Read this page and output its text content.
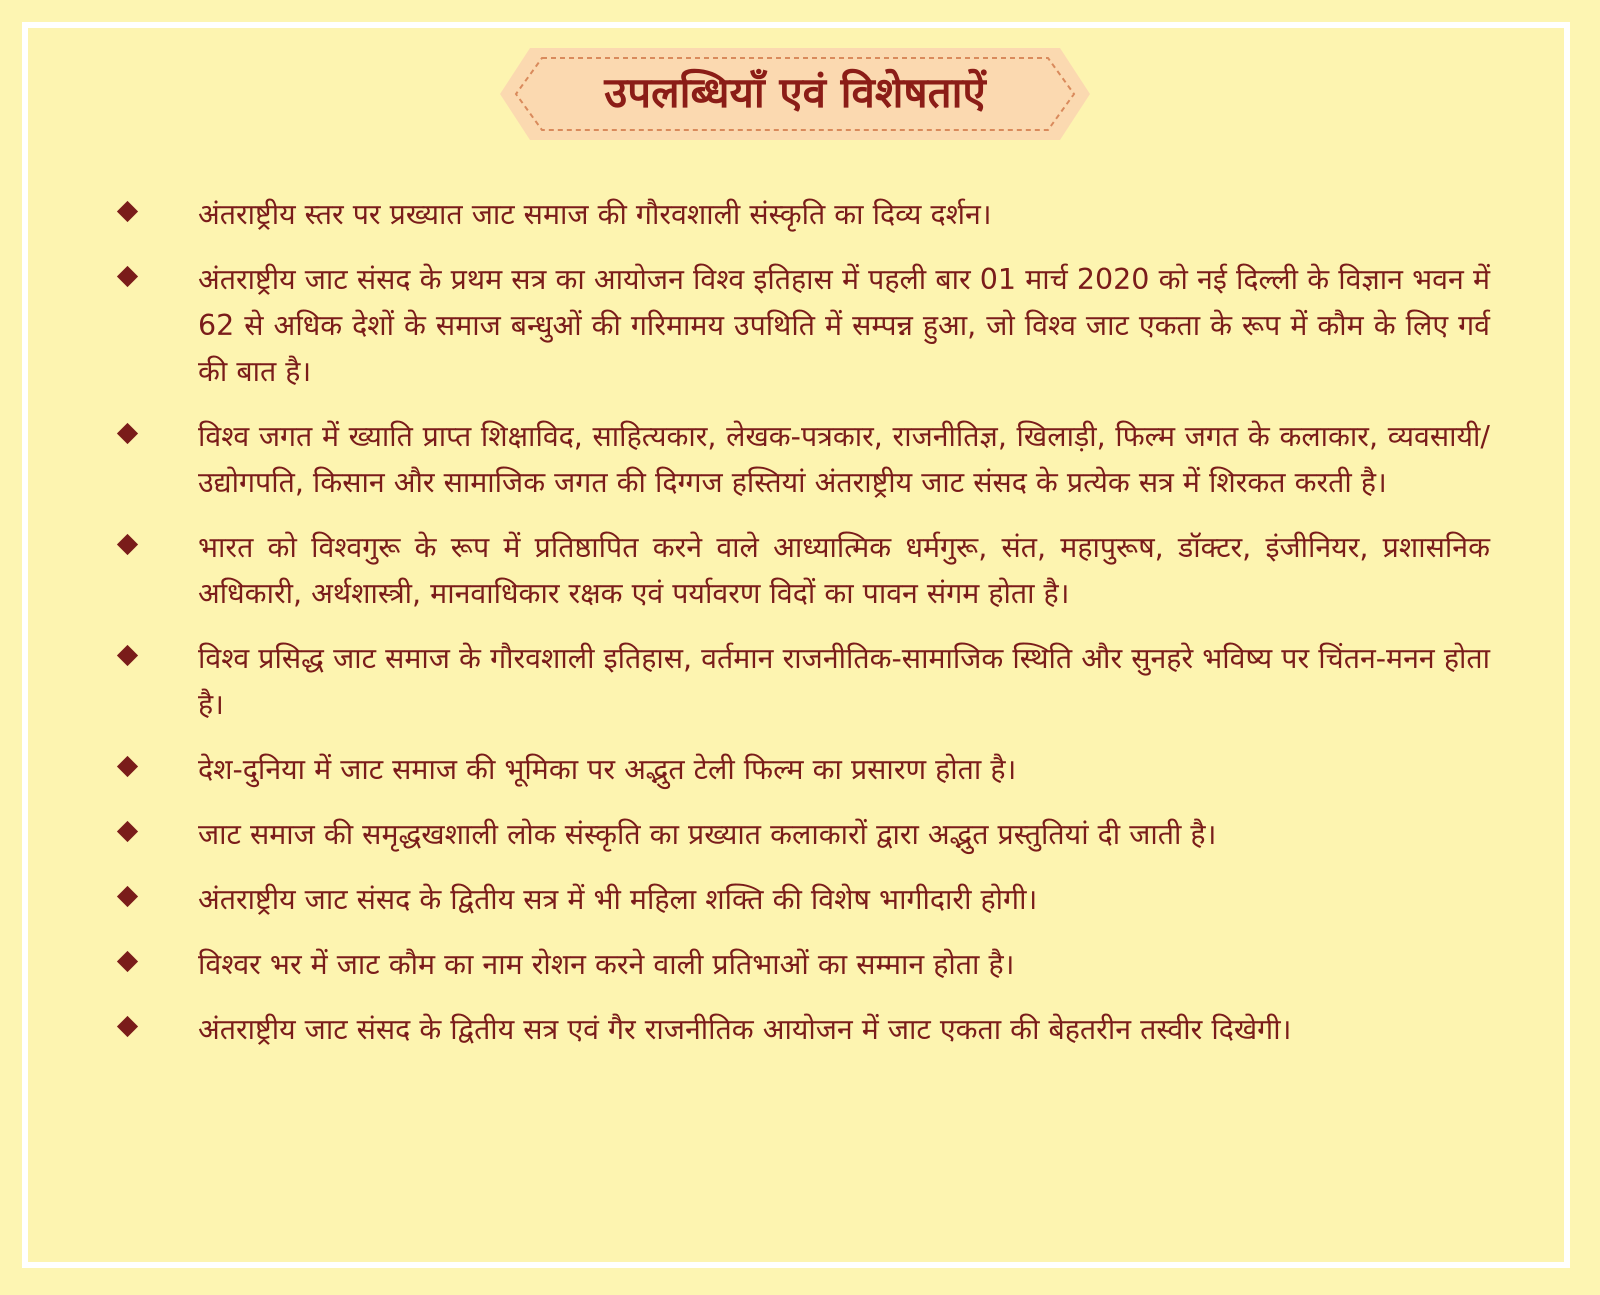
उपलब्धियाँ एवं विशेषताऐं
अंतराष्ट्रीय स्तर पर प्रख्यात जाट समाज की गौरवशाली संस्कृति का दिव्य दर्शन।
अंतराष्ट्रीय जाट संसद के प्रथम सत्र का आयोजन विश्व इतिहास में पहली बार 01 मार्च 2020 को नई दिल्ली के विज्ञान भवन में 62 से अधिक देशों के समाज बन्धुओं की गरिमामय उपथिति में सम्पन्न हुआ, जो विश्व जाट एकता के रूप में कौम के लिए गर्व की बात है।
विश्व जगत में ख्याति प्राप्त शिक्षाविद, साहित्यकार, लेखक-पत्रकार, राजनीतिज्ञ, खिलाड़ी, फिल्म जगत के कलाकार, व्यवसायी/उद्योगपति, किसान और सामाजिक जगत की दिग्गज हस्तियां अंतराष्ट्रीय जाट संसद के प्रत्येक सत्र में शिरकत करती है।
भारत को विश्वगुरू के रूप में प्रतिष्ठापित करने वाले आध्यात्मिक धर्मगुरू, संत, महापुरूष, डॉक्टर, इंजीनियर, प्रशासनिक अधिकारी, अर्थशास्त्री, मानवाधिकार रक्षक एवं पर्यावरण विदों का पावन संगम होता है।
विश्व प्रसिद्ध जाट समाज के गौरवशाली इतिहास, वर्तमान राजनीतिक-सामाजिक स्थिति और सुनहरे भविष्य पर चिंतन-मनन होता है।
देश-दुनिया में जाट समाज की भूमिका पर अद्भुत टेली फिल्म का प्रसारण होता है।
जाट समाज की समृद्धखशाली लोक संस्कृति का प्रख्यात कलाकारों द्वारा अद्भुत प्रस्तुतियां दी जाती है।
अंतराष्ट्रीय जाट संसद के द्वितीय सत्र में भी महिला शक्ति की विशेष भागीदारी होगी।
विश्वर भर में जाट कौम का नाम रोशन करने वाली प्रतिभाओं का सम्मान होता है।
अंतराष्ट्रीय जाट संसद के द्वितीय सत्र एवं गैर राजनीतिक आयोजन में जाट एकता की बेहतरीन तस्वीर दिखेगी।
